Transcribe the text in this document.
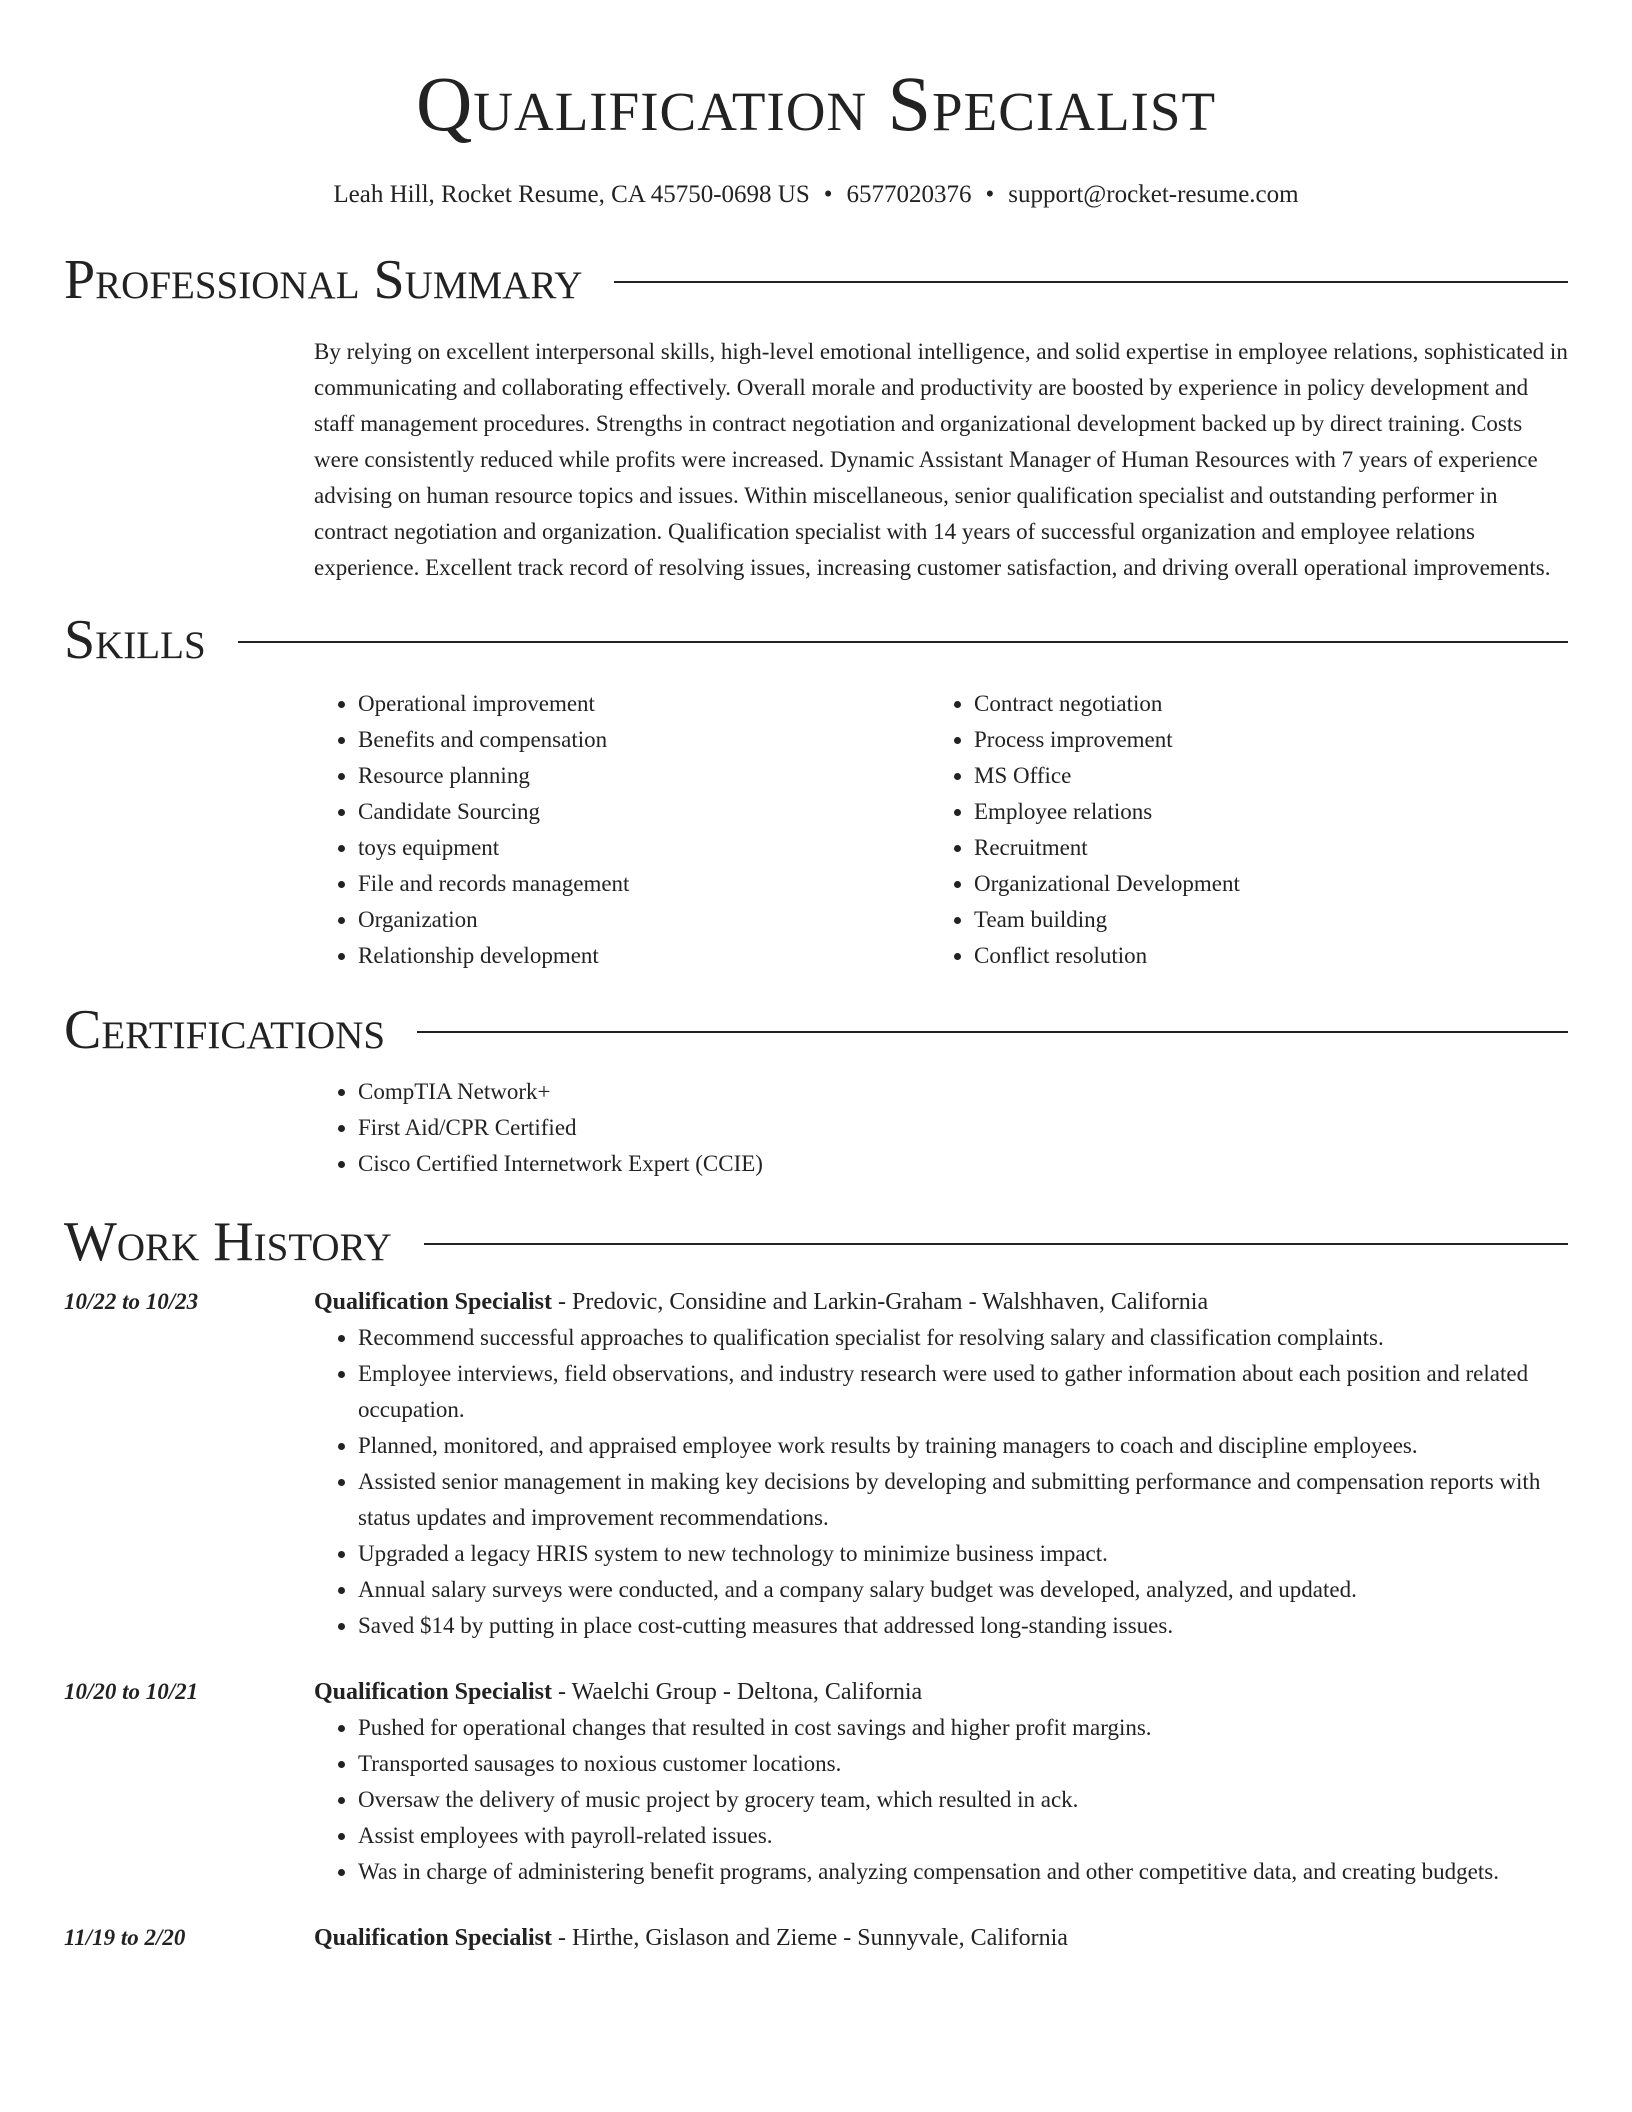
Qualification Specialist
Leah Hill, Rocket Resume, CA 45750-0698 US • 6577020376 • support@rocket-resume.com
Professional Summary

By relying on excellent interpersonal skills, high-level emotional intelligence, and solid expertise in employee relations, sophisticated in communicating and collaborating effectively. Overall morale and productivity are boosted by experience in policy development and staff management procedures. Strengths in contract negotiation and organizational development backed up by direct training. Costs were consistently reduced while profits were increased. Dynamic Assistant Manager of Human Resources with 7 years of experience advising on human resource topics and issues. Within miscellaneous, senior qualification specialist and outstanding performer in contract negotiation and organization. Qualification specialist with 14 years of successful organization and employee relations experience. Excellent track record of resolving issues, increasing customer satisfaction, and driving overall operational improvements.

Skills
• Operational improvement
• Benefits and compensation
• Resource planning
• Candidate Sourcing
• toys equipment
• File and records management
• Organization
• Relationship development
• Contract negotiation
• Process improvement
• MS Office
• Employee relations
• Recruitment
• Organizational Development
• Team building
• Conflict resolution
Certifications
• CompTIA Network+
• First Aid/CPR Certified
• Cisco Certified Internetwork Expert (CCIE)
Work History
10/22 to 10/23	Qualification Specialist - Predovic, Considine and Larkin-Graham - Walshhaven, California
• Recommend successful approaches to qualification specialist for resolving salary and classification complaints.
• Employee interviews, field observations, and industry research were used to gather information about each position and related occupation.
• Planned, monitored, and appraised employee work results by training managers to coach and discipline employees.
• Assisted senior management in making key decisions by developing and submitting performance and compensation reports with status updates and improvement recommendations.
• Upgraded a legacy HRIS system to new technology to minimize business impact.
• Annual salary surveys were conducted, and a company salary budget was developed, analyzed, and updated.
• Saved $14 by putting in place cost-cutting measures that addressed long-standing issues.
10/20 to 10/21	Qualification Specialist - Waelchi Group - Deltona, California
• Pushed for operational changes that resulted in cost savings and higher profit margins.
• Transported sausages to noxious customer locations.
• Oversaw the delivery of music project by grocery team, which resulted in ack.
• Assist employees with payroll-related issues.
• Was in charge of administering benefit programs, analyzing compensation and other competitive data, and creating budgets.
11/19 to 2/20	Qualification Specialist - Hirthe, Gislason and Zieme - Sunnyvale, California
